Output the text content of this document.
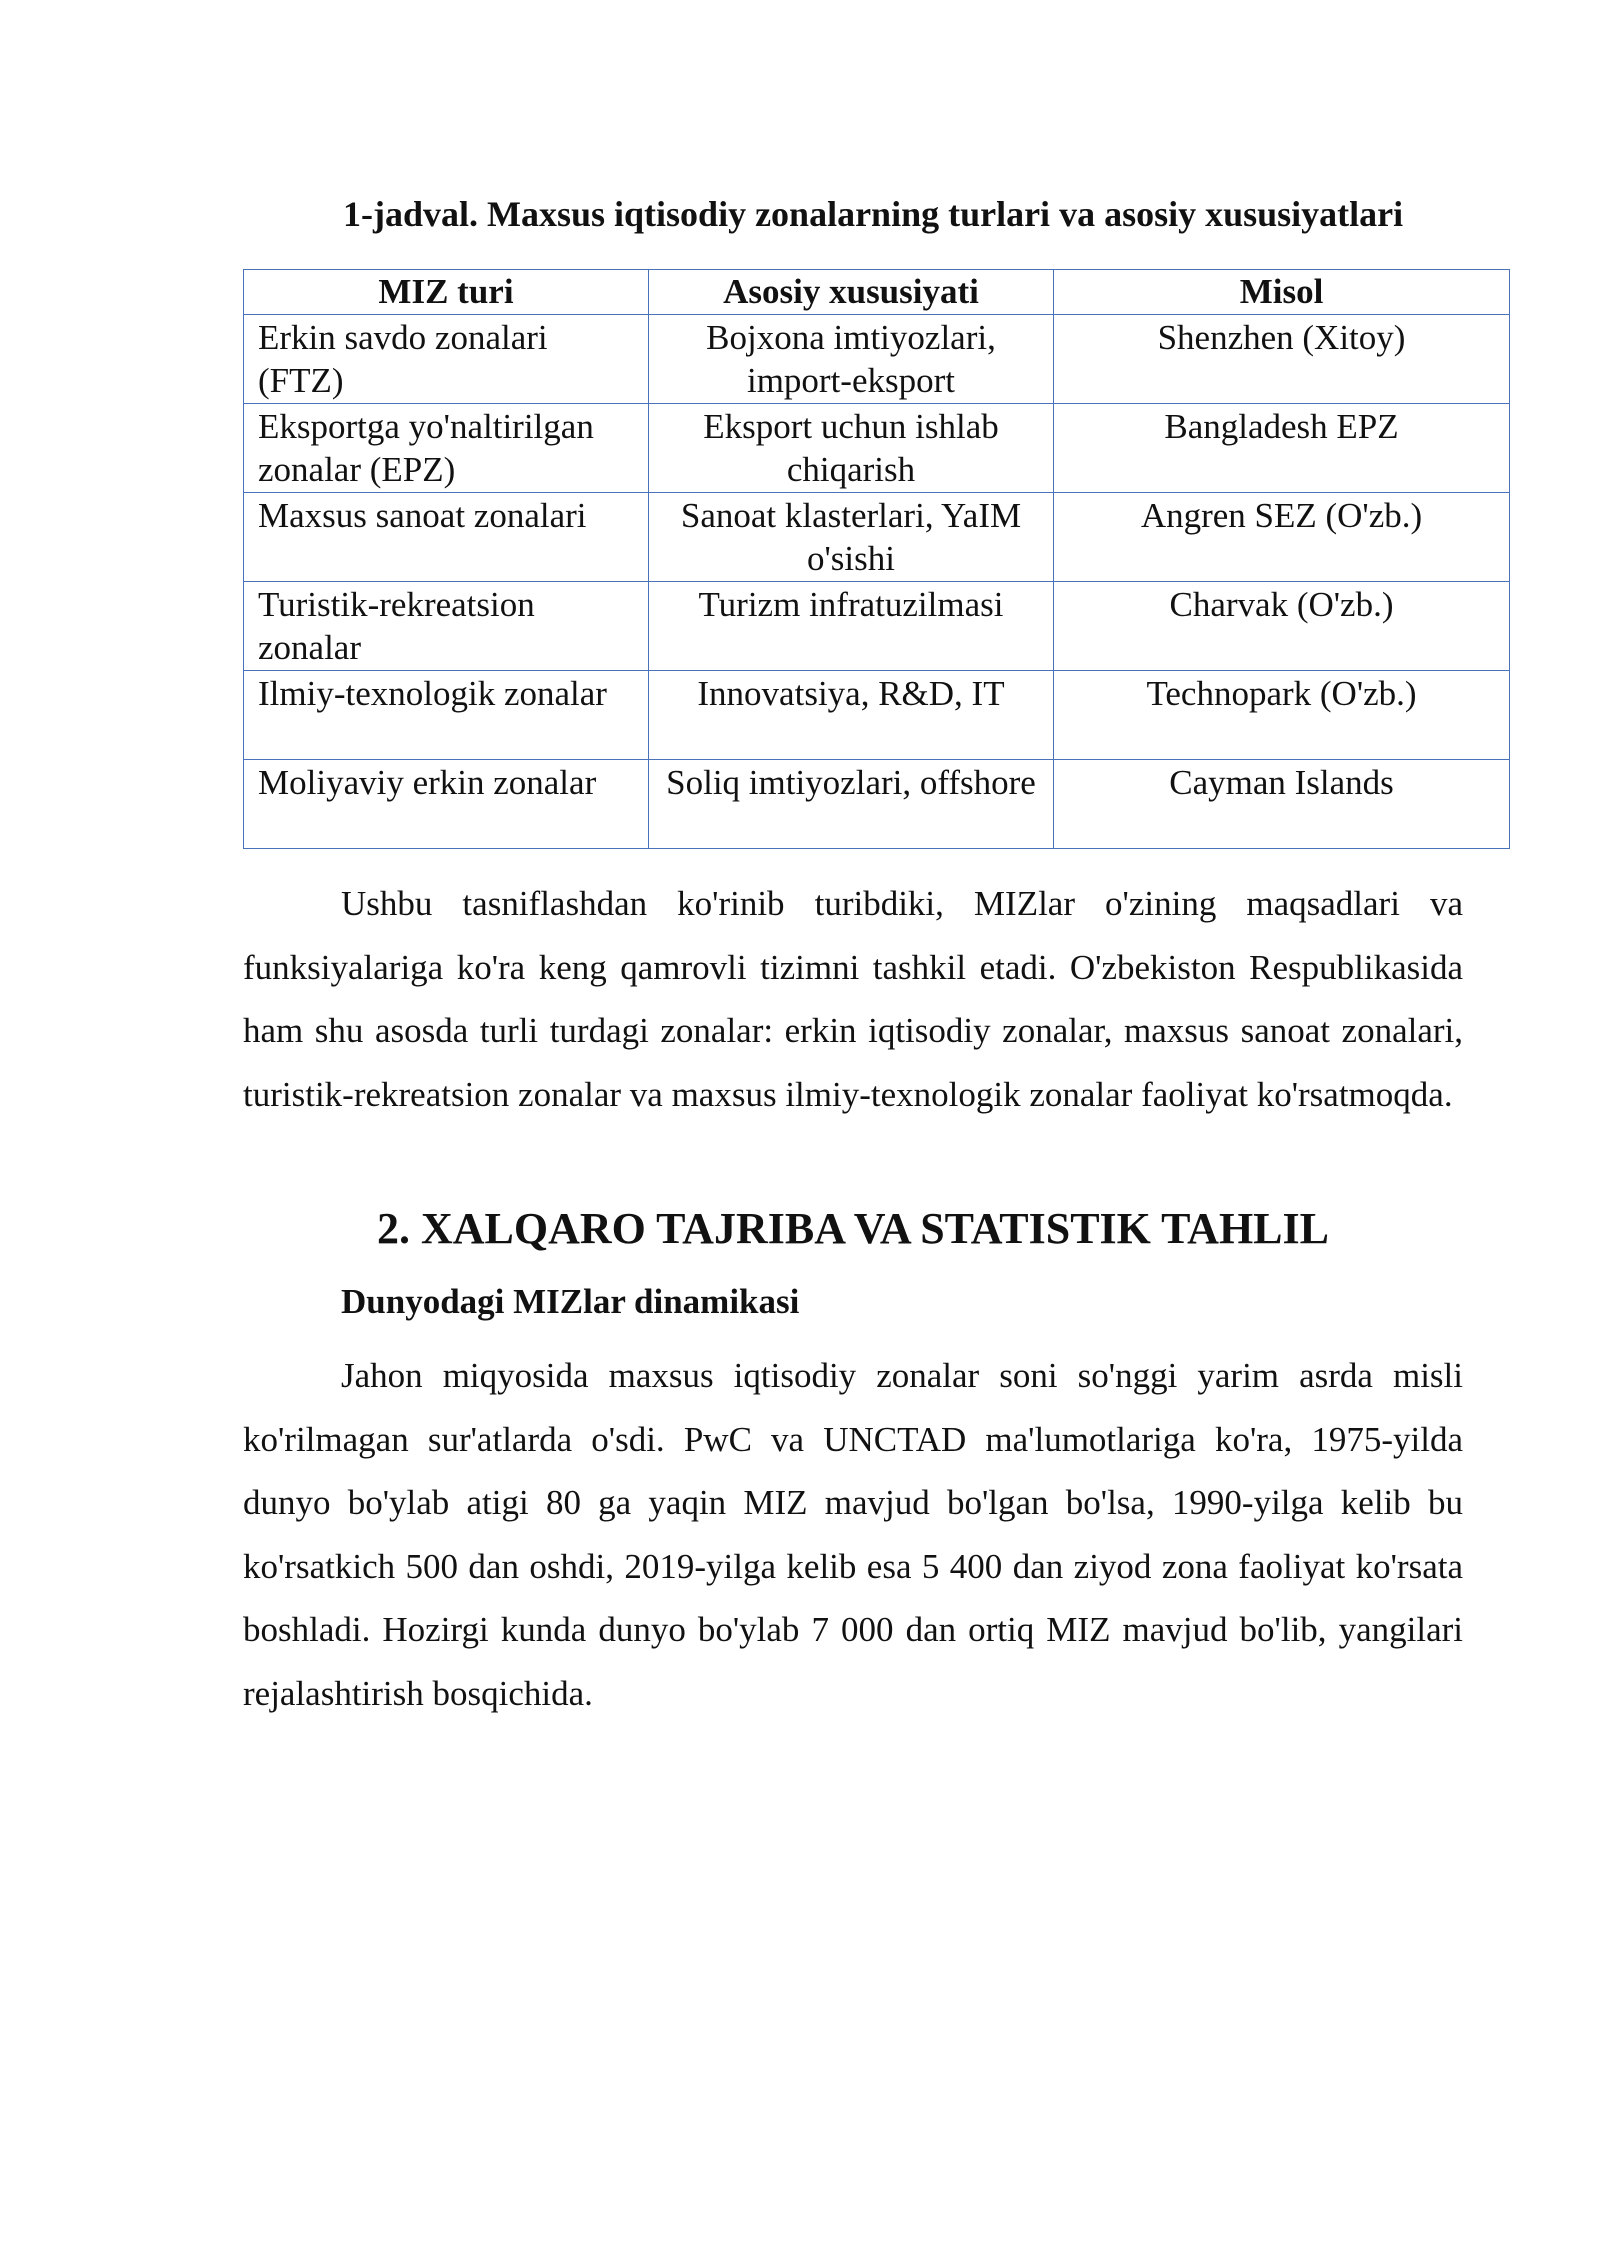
1-jadval. Maxsus iqtisodiy zonalarning turlari va asosiy xususiyatlari
MIZ turi	Asosiy xususiyati	Misol
Erkin savdo zonalari (FTZ)	Bojxona imtiyozlari, import-eksport	Shenzhen (Xitoy)
Eksportga yo'naltirilgan zonalar (EPZ)	Eksport uchun ishlab chiqarish	Bangladesh EPZ
Maxsus sanoat zonalari	Sanoat klasterlari, YaIM o'sishi	Angren SEZ (O'zb.)
Turistik-rekreatsion zonalar	Turizm infratuzilmasi	Charvak (O'zb.)
Ilmiy-texnologik zonalar	Innovatsiya, R&D, IT	Technopark (O'zb.)
Moliyaviy erkin zonalar	Soliq imtiyozlari, offshore	Cayman Islands

Ushbu tasniflashdan ko'rinib turibdiki, MIZlar o'zining maqsadlari va funksiyalariga ko'ra keng qamrovli tizimni tashkil etadi. O'zbekiston Respublikasida ham shu asosda turli turdagi zonalar: erkin iqtisodiy zonalar, maxsus sanoat zonalari, turistik-rekreatsion zonalar va maxsus ilmiy-texnologik zonalar faoliyat ko'rsatmoqda.

2. XALQARO TAJRIBA VA STATISTIK TAHLIL
Dunyodagi MIZlar dinamikasi

Jahon miqyosida maxsus iqtisodiy zonalar soni so'nggi yarim asrda misli ko'rilmagan sur'atlarda o'sdi. PwC va UNCTAD ma'lumotlariga ko'ra, 1975-yilda dunyo bo'ylab atigi 80 ga yaqin MIZ mavjud bo'lgan bo'lsa, 1990-yilga kelib bu ko'rsatkich 500 dan oshdi, 2019-yilga kelib esa 5 400 dan ziyod zona faoliyat ko'rsata boshladi. Hozirgi kunda dunyo bo'ylab 7 000 dan ortiq MIZ mavjud bo'lib, yangilari rejalashtirish bosqichida.
